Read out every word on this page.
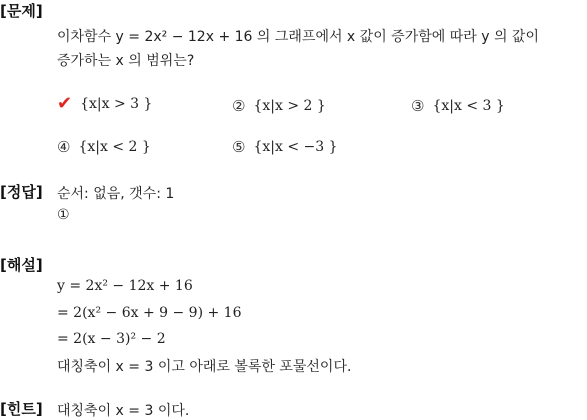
[문제]
이차함수 y = 2x² − 12x + 16 의 그래프에서 x 값이 증가함에 따라 y 의 값이
증가하는 x 의 범위는?
✔ {x|x > 3 }	② {x|x > 2 }	③ {x|x < 3 }
④ {x|x < 2 }	⑤ {x|x < −3 }
[정답] 순서: 없음, 갯수: 1
①
[해설]
y = 2x² − 12x + 16
= 2(x² − 6x + 9 − 9) + 16
= 2(x − 3)² − 2
대칭축이 x = 3 이고 아래로 볼록한 포물선이다.
[힌트] 대칭축이 x = 3 이다.
